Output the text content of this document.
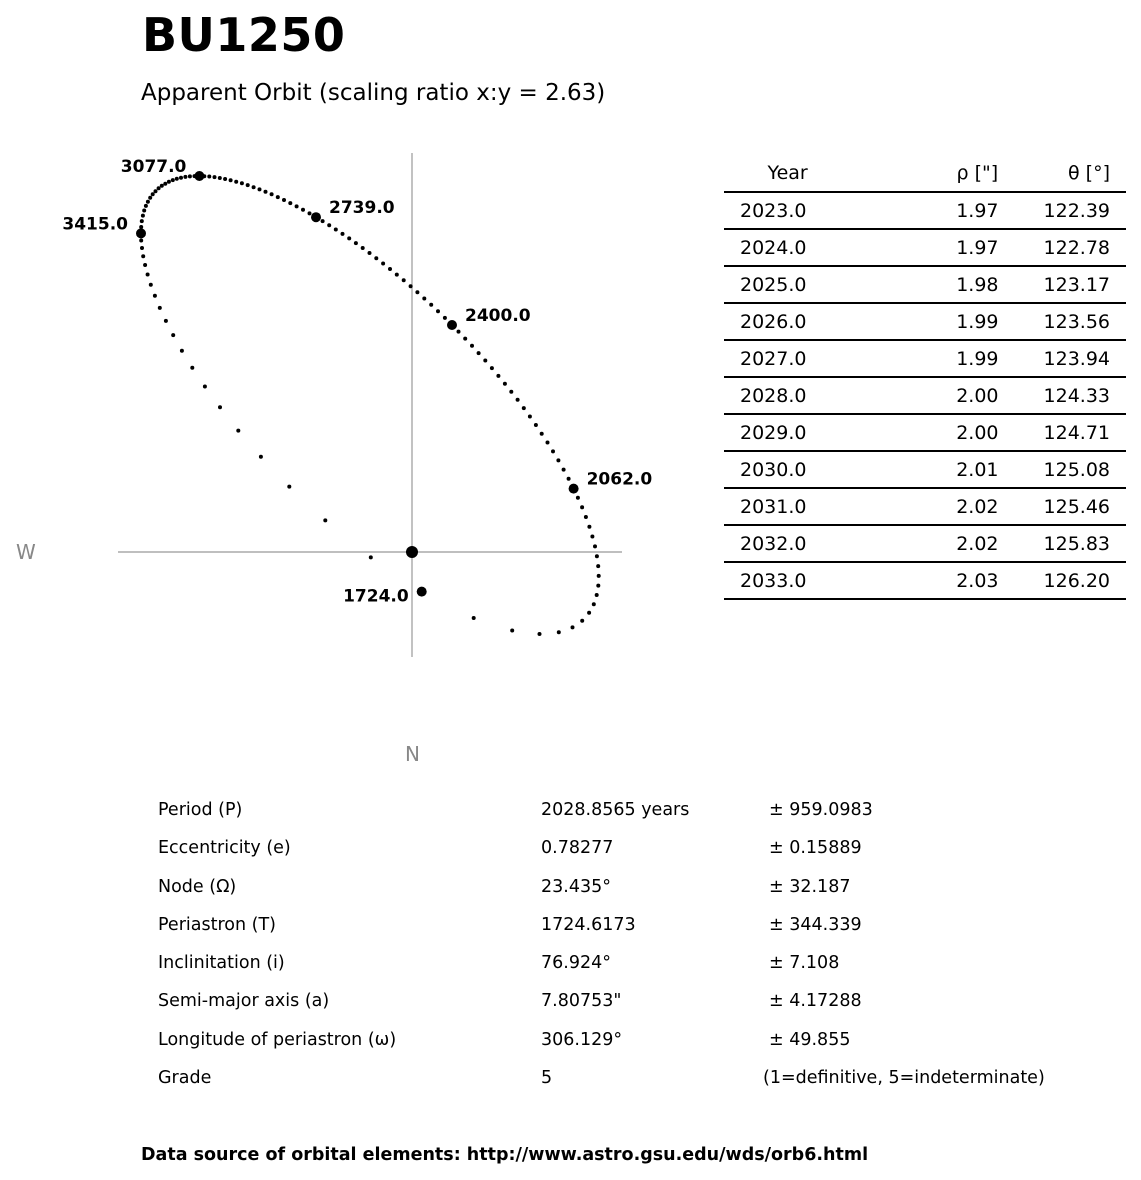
BU1250
Apparent Orbit (scaling ratio x:y = 2.63)
W
N
1724.0
2062.0
2400.0
2739.0
3077.0
3415.0
Year	ρ ["]	θ [°]
2023.0	1.97	122.39
2024.0	1.97	122.78
2025.0	1.98	123.17
2026.0	1.99	123.56
2027.0	1.99	123.94
2028.0	2.00	124.33
2029.0	2.00	124.71
2030.0	2.01	125.08
2031.0	2.02	125.46
2032.0	2.02	125.83
2033.0	2.03	126.20
Period (P)	2028.8565 years	± 959.0983
Eccentricity (e)	0.78277	± 0.15889
Node (Ω)	23.435°	± 32.187
Periastron (T)	1724.6173	± 344.339
Inclinitation (i)	76.924°	± 7.108
Semi-major axis (a)	7.80753"	± 4.17288
Longitude of periastron (ω)	306.129°	± 49.855
Grade	5	(1=definitive, 5=indeterminate)
Data source of orbital elements: http://www.astro.gsu.edu/wds/orb6.html
